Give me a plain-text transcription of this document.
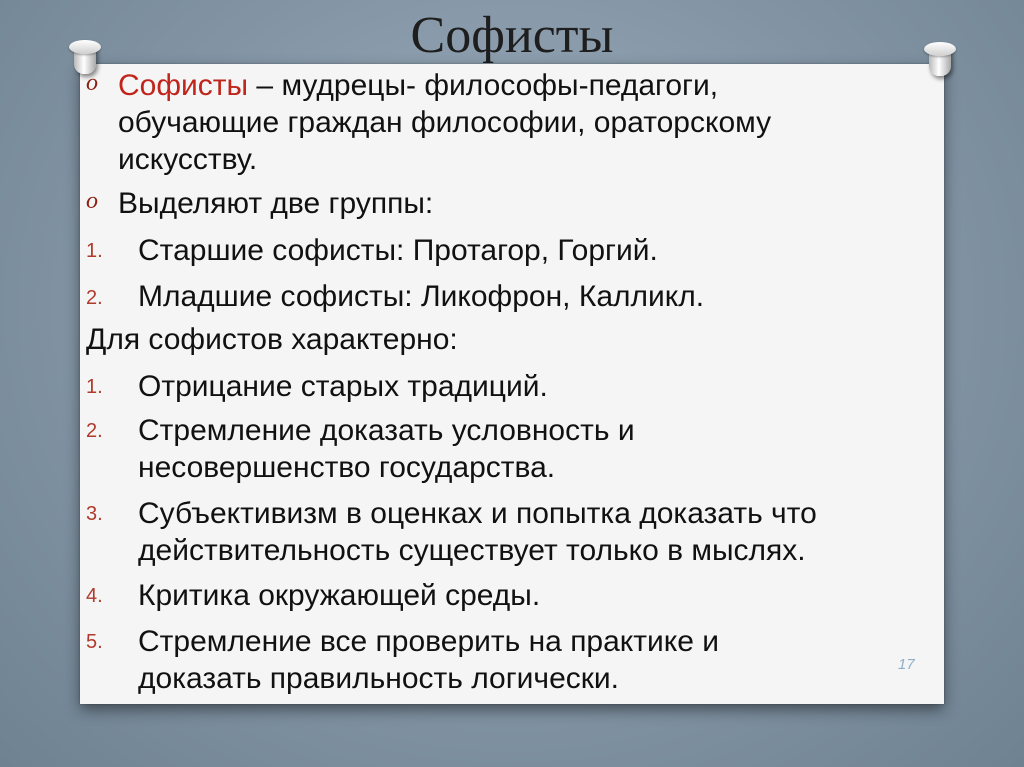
Софисты
o Софисты – мудрецы- философы-педагоги,
обучающие граждан философии, ораторскому
искусству.
o Выделяют две группы:
1. Старшие софисты: Протагор, Горгий.
2. Младшие софисты: Ликофрон, Калликл.
Для софистов характерно:
1. Отрицание старых традиций.
2. Стремление доказать условность и
несовершенство государства.
3. Субъективизм в оценках и попытка доказать что
действительность существует только в мыслях.
4. Критика окружающей среды.
5. Стремление все проверить на практике и
доказать правильность логически.	17
